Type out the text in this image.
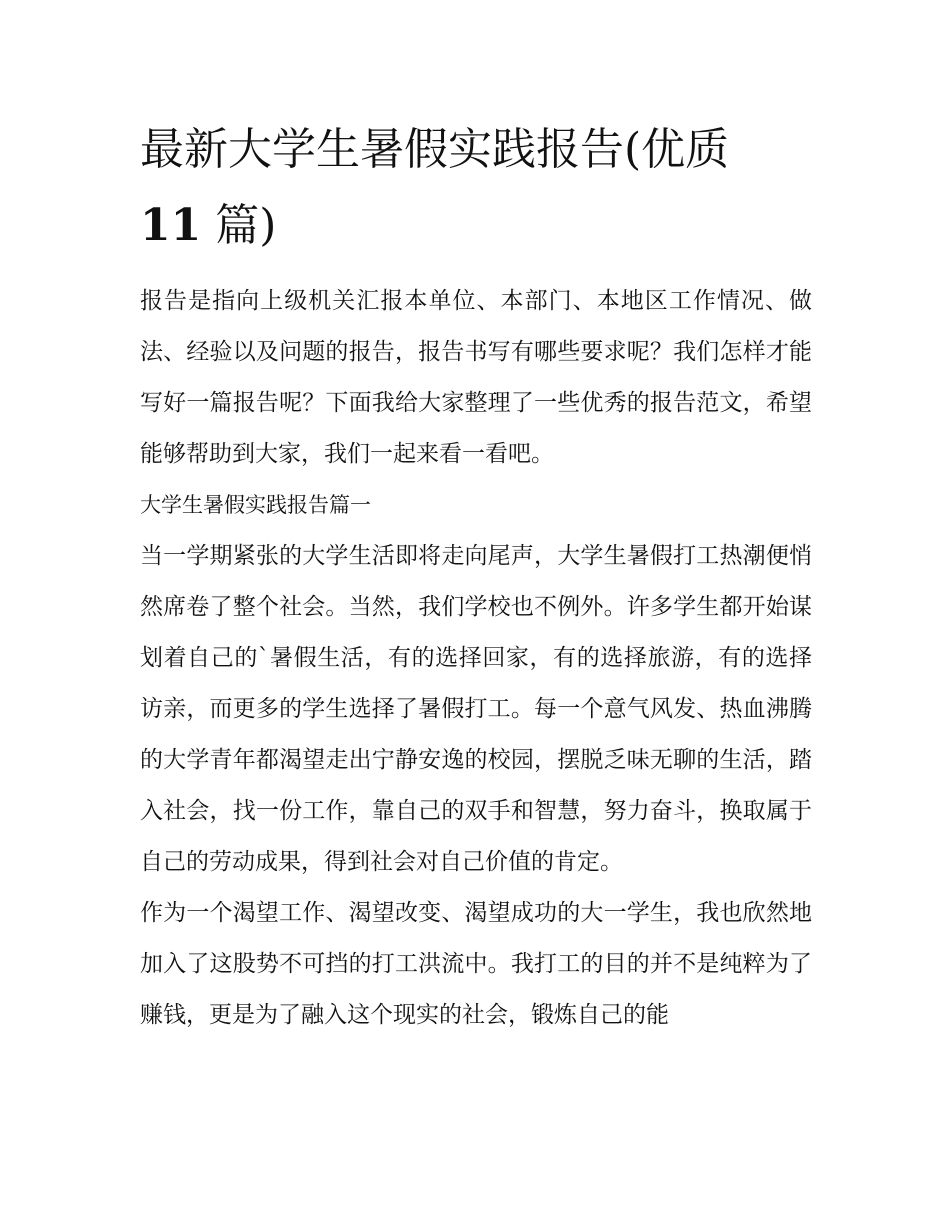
最新大学生暑假实践报告(优质
11 篇)

报告是指向上级机关汇报本单位、本部门、本地区工作情况、做法、经验以及问题的报告，报告书写有哪些要求呢？我们怎样才能写好一篇报告呢？下面我给大家整理了一些优秀的报告范文，希望能够帮助到大家，我们一起来看一看吧。

大学生暑假实践报告篇一

当一学期紧张的大学生活即将走向尾声，大学生暑假打工热潮便悄然席卷了整个社会。当然，我们学校也不例外。许多学生都开始谋划着自己的`暑假生活，有的选择回家，有的选择旅游，有的选择访亲，而更多的学生选择了暑假打工。每一个意气风发、热血沸腾的大学青年都渴望走出宁静安逸的校园，摆脱乏味无聊的生活，踏入社会，找一份工作，靠自己的双手和智慧，努力奋斗，换取属于自己的劳动成果，得到社会对自己价值的肯定。

作为一个渴望工作、渴望改变、渴望成功的大一学生，我也欣然地加入了这股势不可挡的打工洪流中。我打工的目的并不是纯粹为了赚钱，更是为了融入这个现实的社会，锻炼自己的能
